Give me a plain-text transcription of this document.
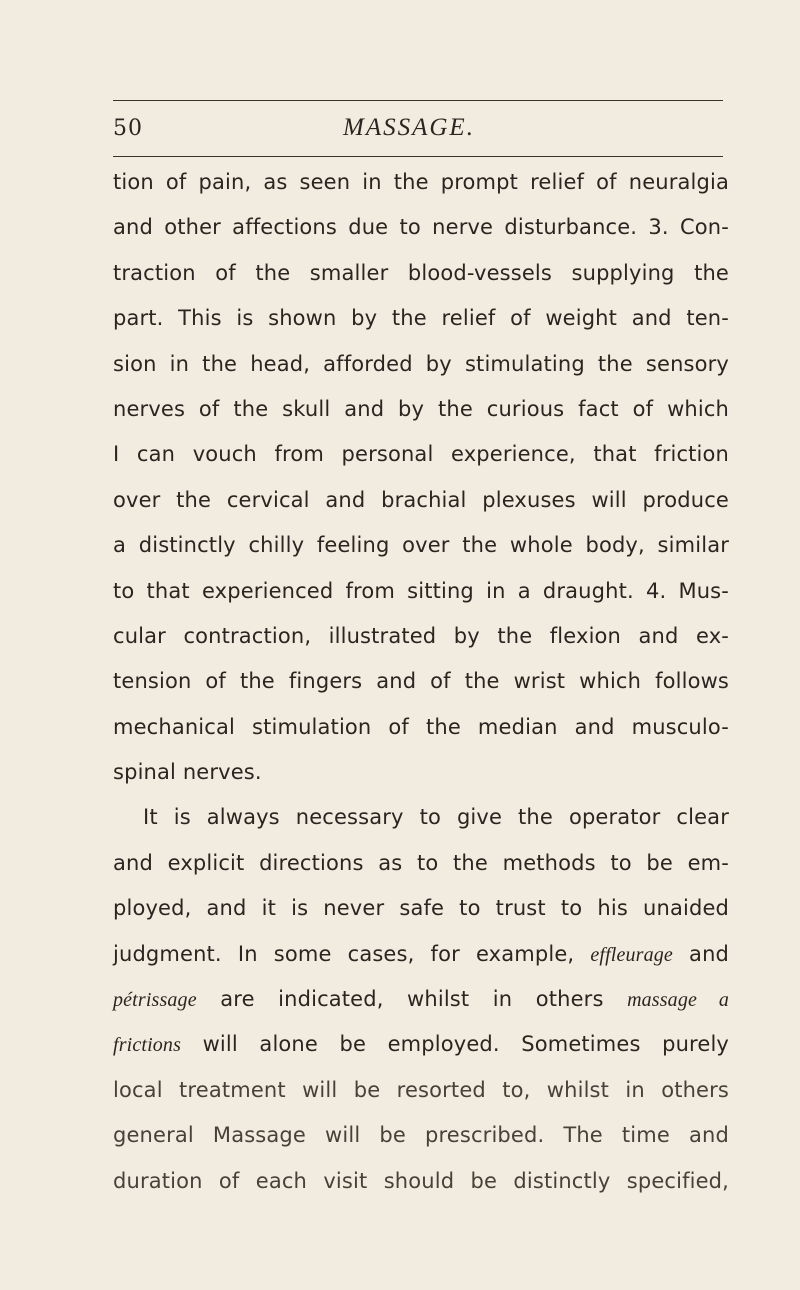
50	MASSAGE.
tion of pain, as seen in the prompt relief of neuralgia
and other affections due to nerve disturbance. 3. Con-
traction of the smaller blood-vessels supplying the
part. This is shown by the relief of weight and ten-
sion in the head, afforded by stimulating the sensory
nerves of the skull and by the curious fact of which
I can vouch from personal experience, that friction
over the cervical and brachial plexuses will produce
a distinctly chilly feeling over the whole body, similar
to that experienced from sitting in a draught. 4. Mus-
cular contraction, illustrated by the flexion and ex-
tension of the fingers and of the wrist which follows
mechanical stimulation of the median and musculo-
spinal nerves.
It is always necessary to give the operator clear
and explicit directions as to the methods to be em-
ployed, and it is never safe to trust to his unaided
judgment. In some cases, for example, effleurage and
pétrissage are indicated, whilst in others massage a
frictions will alone be employed. Sometimes purely
local treatment will be resorted to, whilst in others
general Massage will be prescribed. The time and
duration of each visit should be distinctly specified,
